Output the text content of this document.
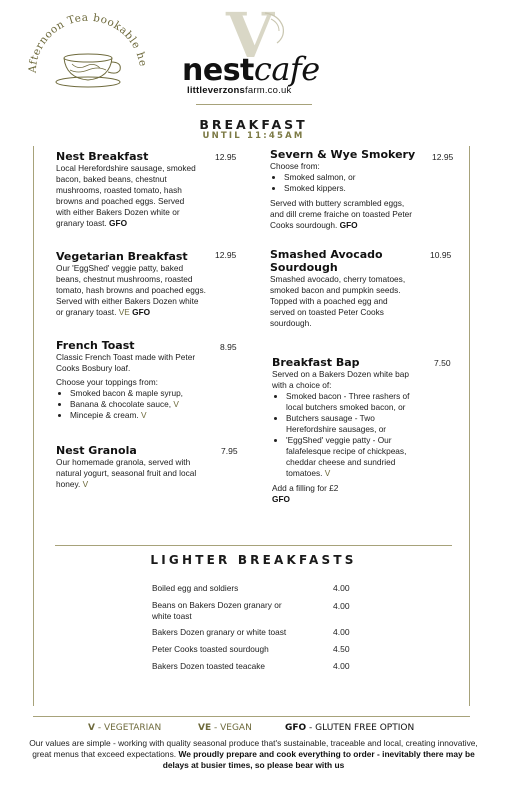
Afternoon Tea bookable he V
nestcafe
littleverzonsfarm.co.uk
BREAKFAST
UNTIL 11:45AM
Nest Breakfast
Local Herefordshire sausage, smoked bacon, baked beans, chestnut mushrooms, roasted tomato, hash browns and poached eggs. Served with either Bakers Dozen white or granary toast. GFO
12.95
Vegetarian Breakfast
Our 'EggShed' veggie patty, baked beans, chestnut mushrooms, roasted tomato, hash browns and poached eggs. Served with either Bakers Dozen white or granary toast. VE GFO
12.95
French Toast
Classic French Toast made with Peter Cooks Bosbury loaf.
Choose your toppings from:
• Smoked bacon & maple syrup,
• Banana & chocolate sauce, V
• Mincepie & cream. V
8.95
Nest Granola
Our homemade granola, served with natural yogurt, seasonal fruit and local honey. V
7.95
Severn & Wye Smokery
Choose from:
• Smoked salmon, or
• Smoked kippers.
Served with buttery scrambled eggs, and dill creme fraiche on toasted Peter Cooks sourdough. GFO
12.95
Smashed Avocado Sourdough
Smashed avocado, cherry tomatoes, smoked bacon and pumpkin seeds. Topped with a poached egg and served on toasted Peter Cooks sourdough.
10.95
Breakfast Bap
Served on a Bakers Dozen white bap with a choice of:
• Smoked bacon - Three rashers of local butchers smoked bacon, or
• Butchers sausage - Two Herefordshire sausages, or
• 'EggShed' veggie patty - Our falafelesque recipe of chickpeas, cheddar cheese and sundried tomatoes. V
Add a filling for £2
GFO
7.50
LIGHTER BREAKFASTS
Boiled egg and soldiers	4.00
Beans on Bakers Dozen granary or white toast
4.00
Bakers Dozen granary or white toast	4.00
Peter Cooks toasted sourdough	4.50
Bakers Dozen toasted teacake	4.00
V - VEGETARIAN	VE - VEGAN	GFO - GLUTEN FREE OPTION
Our values are simple - working with quality seasonal produce that's sustainable, traceable and local, creating innovative, great menus that exceed expectations. We proudly prepare and cook everything to order - inevitably there may be delays at busier times, so please bear with us
